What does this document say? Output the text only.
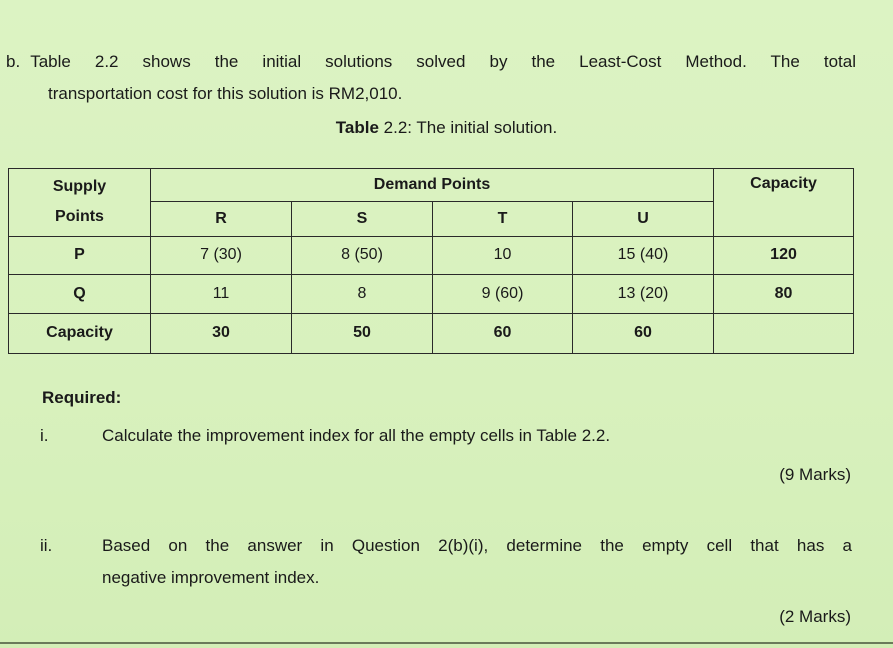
b. Table 2.2 shows the initial solutions solved by the Least-Cost Method. The total
transportation cost for this solution is RM2,010.
Table 2.2: The initial solution.
Supply
Points	Demand Points				Capacity
	R	S	T	U	
P	7 (30)	8 (50)	10	15 (40)	120
Q	11	8	9 (60)	13 (20)	80
Capacity	30	50	60	60	
Required:
i.	Calculate the improvement index for all the empty cells in Table 2.2.
(9 Marks)
ii.	Based on the answer in Question 2(b)(i), determine the empty cell that has a
negative improvement index.
(2 Marks)
